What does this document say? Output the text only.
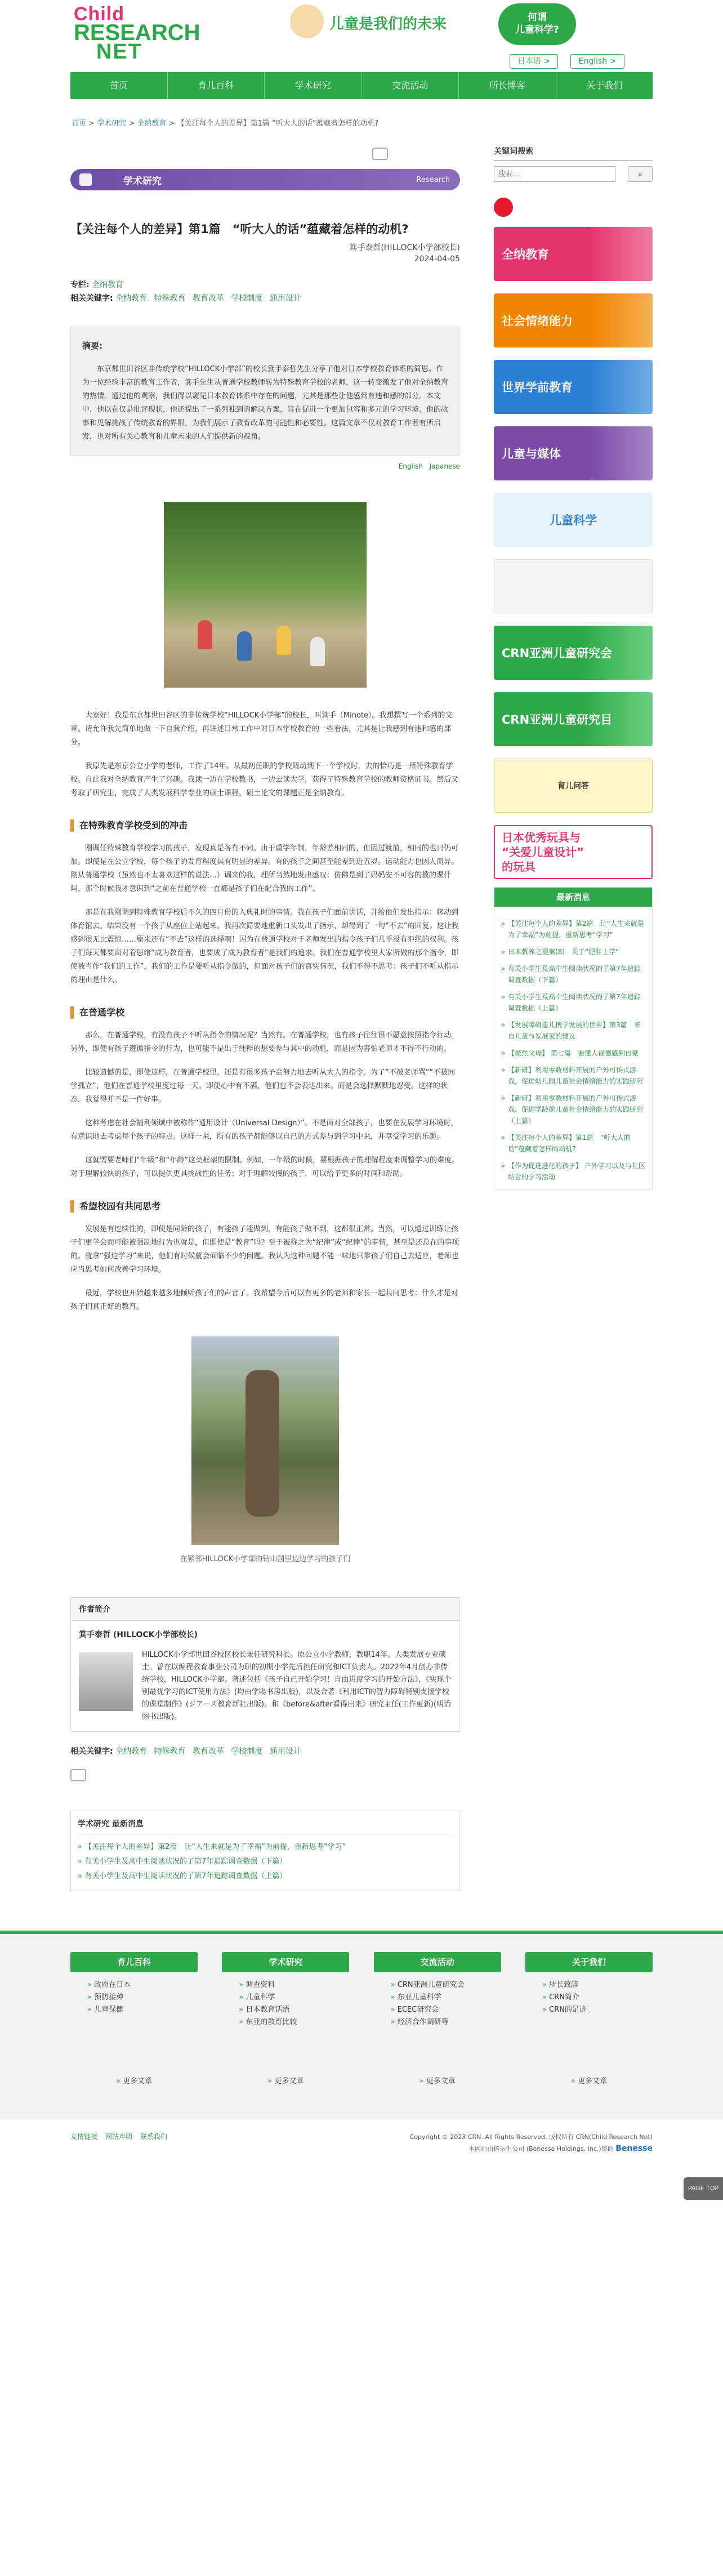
Child
RESEARCH
NET
儿童是我们的未来	何谓
儿童科学?
日本语 >	English >
首页	育儿百科	学术研究	交流活动	所长博客	关于我们
首页 > 学术研究 > 全纳教育 > 【关注每个人的差异】第1篇 “听大人的话”蕴藏着怎样的动机?
学术研究	Research
【关注每个人的差异】第1篇　“听大人的话”蕴藏着怎样的动机?
箕手泰哲(HILLOCK小学部校长)
2024-04-05
专栏: 全纳教育
相关关键字: 全纳教育 特殊教育 教育改革 学校制度 通用设计
摘要:

东京都世田谷区非传统学校“HILLOCK小学部”的校长箕手泰哲先生分享了他对日本学校教育体系的简思。作为一位经验丰富的教育工作者，箕手先生从普通学校教师转为特殊教育学校的老师，这一转变激发了他对全纳教育的热情。通过他的观察，我们得以窥见日本教育体系中存在的问题，尤其是那些让他感到有违和感的部分。本文中，他以在仅是批评现状，他还提出了一系列独到的解决方案，旨在促进一个更加包容和多元的学习环境。他的故事和见解挑战了传统教育的界限，为我们展示了教育改革的可能性和必要性。这篇文章不仅对教育工作者有所启发，也对所有关心教育和儿童未来的人们提供新的视角。

English Japanese

大家好！我是东京都世田谷区的非传统学校“HILLOCK小学部”的校长，叫箕手（Minote）。我想撰写一个系列的文章。请允许我先简单地做一下自我介绍，再讲述日常工作中对日本学校教育的一些看法，尤其是让我感到有违和感的部分。

我原先是东京公立小学的老师，工作了14年。从最初任职的学校调动到下一个学校时，去的恰巧是一所特殊教育学校。自此我对全纳教育产生了兴趣。我读一边在学校教书，一边去读大学，获得了特殊教育学校的教师资格证书。然后又考取了研究生，完成了人类发展科学专业的硕士课程，硕士论文的课题正是全纳教育。

在特殊教育学校受到的冲击

刚调任特殊教育学校学习的孩子，发现真是各有不同。由于重学年制，年龄差相同的，但因过渡前，相同的也只仍可加。即使是在公立学校，每个孩子的发育程度具有明显的差异。有的孩子之间甚至能差到近五岁。运动能力也因人而异。刚从普通学校（虽然也不太喜欢这样的说法…）调来的我，理所当然地发出感叹：仿佛是到了妈妈安不可容的教的课什吗，那个时候我才意识到“之前在普通学校一直都是孩子们在配合我的工作”。

那是在我刚调到特殊教育学校后不久的四月份的入典礼时的事情。我在孩子们面前讲话，并给他们发出指示：移动到体育馆去。结果没有一个孩子从座位上站起来。我再次简要地重新口头发出了指示，却得到了一句“不去”的回复。这让我感到很无比震惊……原来还有“不去”这样的选择啊！因为在普通学校对于老师发出的指令孩子们几乎没有拒绝的权利。孩子们每天都要面对着思绪“成为教育者，也要成了成为教育者”是我们的追求。我们在普通学校里大家所做的那个指令，即使被当作“我们的工作”，我们的工作是要听从指令做的，但面对孩子们的真实情况，我们不得不思考：孩子们不听从指示的理由是什么。

在普通学校

那么，在普通学校，有没有孩子不听从指令的情况呢？当然有。在普通学校，也有孩子往往很不愿意按照指令行动。另外，即便有孩子遵循指令的行为，也可能不是出于纯粹的想要参与其中的动机，而是因为害怕老师才不得不行动的。

比较遗憾的是，即使这样，在普通学校里，还是有很多孩子会努力地去听从大人的指令。为了“不被老师骂”“不被同学孤立”，他们在普通学校里度过每一天。即便心中有不满，他们也不会表达出来。而是会选择默默地忍受。这样的状态，我觉得并不是一件好事。

这种考虑在社会福利领域中被称作“通用设计（Universal Design）”。不是面对全部孩子，也要在发展学习环境时，有意识地去考虑每个孩子的特点。这样一来，所有的孩子都能够以自己的方式参与到学习中来，并享受学习的乐趣。

这就需要老师们“年级”和“年龄”这类框架的限制。例如，一年级的时候，要根据孩子的理解程度来调整学习的难度。对于理解较快的孩子，可以提供更具挑战性的任务；对于理解较慢的孩子，可以给予更多的时间和帮助。

希望校园有共同思考

发展是有连续性的，即便是同龄的孩子，有能孩子能做到，有能孩子做不到，这都很正常。当然，可以通过训练让孩子们更学会而可能被强制地行为也就是，但即使是“教育”吗？至于被称之为“纪律”或“纪律”的事情，甚至是还总在的事项的。就拿“强迫学习”来说，他们有时候就会面临不少的问题。我认为这种问题不能一味地只靠孩子们自己去适应，老师也应当思考如何改善学习环境。

最近，学校也开始越来越多地倾听孩子们的声音了。我希望今后可以有更多的老师和家长一起共同思考：什么才是对孩子们真正好的教育。

在紧邻HILLOCK小学部的钻山园里边边学习的孩子们
作者简介
箕手泰哲 (HILLOCK小学部校长)
HILLOCK小学部世田谷校区校长兼任研究科长。原公立小学教师，教职14年。人类发展专业硕士。曾在以编程教育事业公司为职的初期小学先后担任研究和ICT负责人。2022年4月创办非传统学校，HILLOCK小学部。著述包括《孩子自己开始学习！自由进度学习的开始方法》，《实现个别最优学习的ICT使用方法》(均由学陽书房出版)，以及合著《利用ICT的智力障碍特别支援学校的课堂制作》(ジアース教育新社出版)。和《before&after看得出来》研究主任(工作更新)(明治图书出版)。
相关关键字: 全纳教育 特殊教育 教育改革 学校制度 通用设计
学术研究 最新消息
» 【关注每个人的差异】第2篇　让“人生来就是为了幸福”为前提，重新思考“学习”
» 有关小学生及高中生阅读状况的了第7年追踪调查数据（下篇）
» 有关小学生及高中生阅读状况的了第7年追踪调查数据（上篇）
关键词搜索
搜索...
⌕
全纳教育
社会情绪能力
世界学前教育
儿童与媒体
儿童科学
CRN亚洲儿童研究会
CRN亚洲儿童研究目
育儿问答
日本优秀玩具与
“关爱儿童设计”
的玩具
最新消息
» 【关注每个人的差异】第2篇　让“人生来就是为了幸福”为前提，重新思考“学习”
» 日本教养之提案(8)　关于“肥胖上学”
» 有关小学生及高中生阅读状况的了第7年追踪调查数据（下篇）
» 有关小学生及高中生阅读状况的了第7年追踪调查数据（上篇）
» 【发展障碍患儿携学发展的世界】第3篇　来自儿童与发展家的建议
» 【聚焦父母】 第七篇　要懂人视德感到自豪
» 【新研】利用零数材料开展的户外可传式游戏，促进幼儿园儿童社会情绪能力的实践研究
» 【新研】利用零数材料开展的户外可传式游戏，促进学龄前儿童社会情绪能力的实践研究（上篇）
» 【关注每个人的差异】第1篇　“听大人的话”蕴藏着怎样的动机?
» 【作为促进进化的孩子】 户外学习以及与社区结合的学习活动
PAGE TOP
育儿百科
» 政府在日本
» 预防接种
» 儿童保健
» 更多文章
学术研究
» 调查资料
» 儿童科学
» 日本教育话语
» 东亚的教育比较
» 更多文章
交流活动
» CRN亚洲儿童研究会
» 东亚儿童科学
» ECEC研究会
» 经济合作调研等
» 更多文章
关于我们
» 所长致辞
» CRN简介
» CRN的足迹
» 更多文章
友情链接 网站声明 联系我们	Copyright © 2023 CRN. All Rights Reserved. 版权所有 CRN(Child Research Net)
本网站由倍乐生公司 (Benesse Holdings, Inc.)资助 Benesse
